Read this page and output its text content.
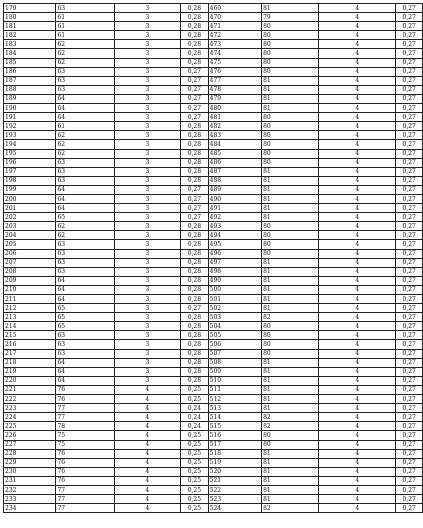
179	63	3	0,28	469	81	4	0,27
180	61	3	0,28	470	79	4	0,27
181	61	3	0,28	471	80	4	0,27
182	61	3	0,28	472	80	4	0,27
183	62	3	0,28	473	80	4	0,27
184	62	3	0,28	474	80	4	0,27
185	62	3	0,28	475	80	4	0,27
186	63	3	0,27	476	80	4	0,27
187	63	3	0,27	477	81	4	0,27
188	63	3	0,27	478	81	4	0,27
189	64	3	0,27	479	81	4	0,27
190	64	3	0,27	480	81	4	0,27
191	64	3	0,27	481	80	4	0,27
192	61	3	0,28	482	80	4	0,27
193	62	3	0,28	483	80	4	0,27
194	62	3	0,28	484	80	4	0,27
195	62	3	0,28	485	80	4	0,27
196	63	3	0,28	486	80	4	0,27
197	63	3	0,28	487	81	4	0,27
198	63	3	0,28	488	81	4	0,27
199	64	3	0,27	489	81	4	0,27
200	64	3	0,27	490	81	4	0,27
201	64	3	0,27	491	81	4	0,27
202	65	3	0,27	492	81	4	0,27
203	62	3	0,28	493	80	4	0,27
204	62	3	0,28	494	80	4	0,27
205	63	3	0,28	495	80	4	0,27
206	63	3	0,28	496	80	4	0,27
207	63	3	0,28	497	81	4	0,27
208	63	3	0,28	498	81	4	0,27
209	64	3	0,28	499	81	4	0,27
210	64	3	0,28	500	81	4	0,27
211	64	3	0,28	501	81	4	0,27
212	65	3	0,27	502	81	4	0,27
213	65	3	0,28	503	82	4	0,27
214	65	3	0,28	504	80	4	0,27
215	63	3	0,28	505	80	4	0,27
216	63	3	0,28	506	80	4	0,27
217	63	3	0,28	507	80	4	0,27
218	64	3	0,28	508	81	4	0,27
219	64	3	0,28	509	81	4	0,27
220	64	3	0,28	510	81	4	0,27
221	76	4	0,25	511	81	4	0,27
222	76	4	0,25	512	81	4	0,27
223	77	4	0,24	513	81	4	0,27
224	77	4	0,24	514	82	4	0,27
225	78	4	0,24	515	82	4	0,27
226	75	4	0,25	516	80	4	0,27
227	75	4	0,25	517	80	4	0,27
228	76	4	0,25	518	81	4	0,27
229	76	4	0,25	519	81	4	0,27
230	76	4	0,25	520	81	4	0,27
231	76	4	0,25	521	81	4	0,27
232	77	4	0,25	522	81	4	0,27
233	77	4	0,25	523	81	4	0,27
234	77	4	0,25	524	82	4	0,27
